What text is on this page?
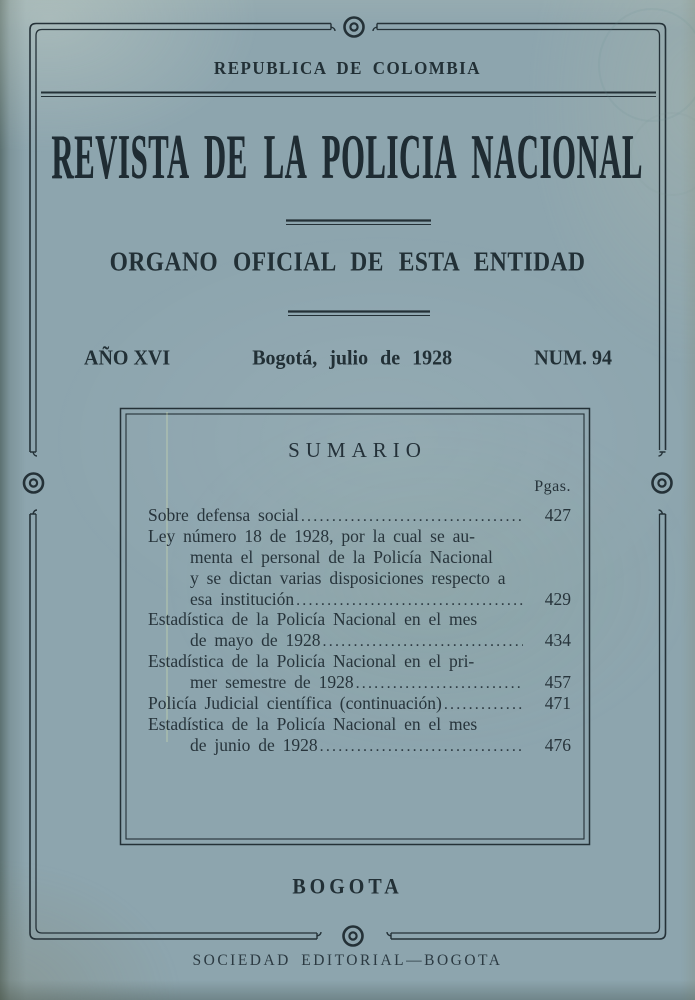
REPUBLICA DE COLOMBIA
REVISTA DE LA POLICIA NACIONAL
ORGANO OFICIAL DE ESTA ENTIDAD
AÑO XVI	Bogotá, julio de 1928	NUM. 94
SUMARIO
Pgas.
Sobre defensa social .....	427
Ley número 18 de 1928, por la cual se au-
menta el personal de la Policía Nacional
y se dictan varias disposiciones respecto a
esa institución .....	429
Estadística de la Policía Nacional en el mes
de mayo de 1928 .....	434
Estadística de la Policía Nacional en el pri-
mer semestre de 1928 .....	457
Policía Judicial científica (continuación) .....	471
Estadística de la Policía Nacional en el mes
de junio de 1928 .....	476
BOGOTA
SOCIEDAD EDITORIAL—BOGOTA
